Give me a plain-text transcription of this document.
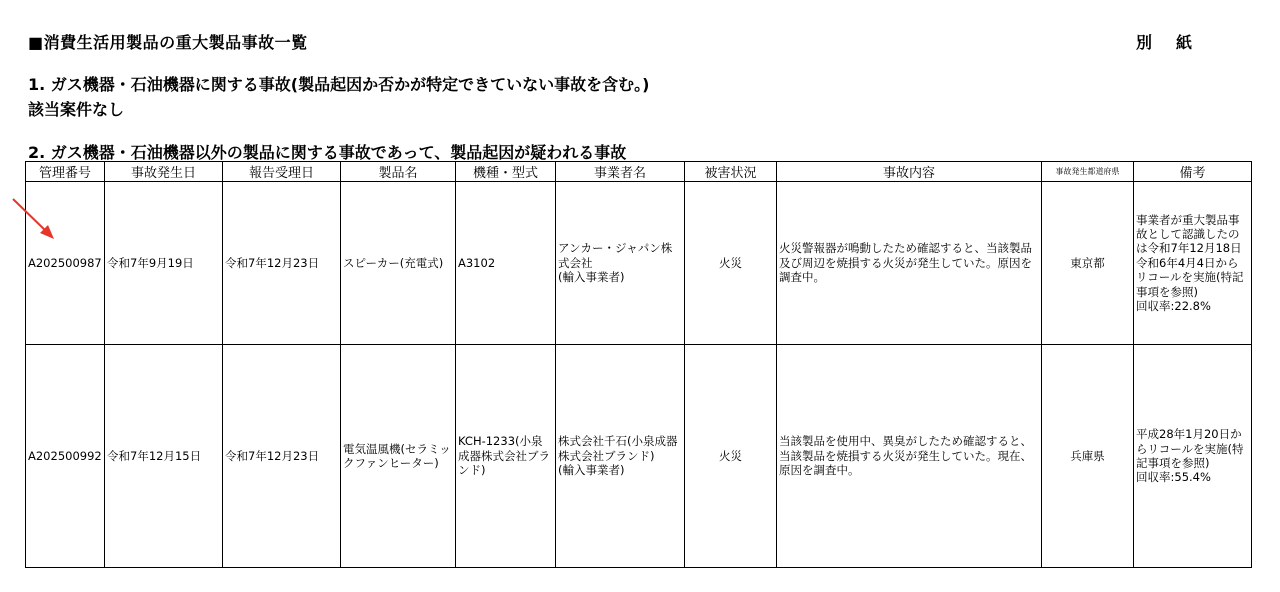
■消費生活用製品の重大製品事故一覧	別紙
1. ガス機器・石油機器に関する事故(製品起因か否かが特定できていない事故を含む。)
該当案件なし
2. ガス機器・石油機器以外の製品に関する事故であって、製品起因が疑われる事故
管理番号	事故発生日	報告受理日	製品名	機種・型式	事業者名	被害状況	事故内容	事故発生都道府県	備考
A202500987	令和7年9月19日	令和7年12月23日	スピーカー(充電式)	A3102	アンカー・ジャパン株式会社
(輸入事業者)	火災	火災警報器が鳴動したため確認すると、当該製品及び周辺を焼損する火災が発生していた。原因を調査中。	東京都	事業者が重大製品事故として認識したのは令和7年12月18日
令和6年4月4日からリコールを実施(特記事項を参照)
回収率:22.8%
A202500992	令和7年12月15日	令和7年12月23日	電気温風機(セラミックファンヒーター)	KCH-1233(小泉成器株式会社ブランド)	株式会社千石(小泉成器株式会社ブランド)
(輸入事業者)	火災	当該製品を使用中、異臭がしたため確認すると、当該製品を焼損する火災が発生していた。現在、原因を調査中。	兵庫県	平成28年1月20日からリコールを実施(特記事項を参照)
回収率:55.4%
